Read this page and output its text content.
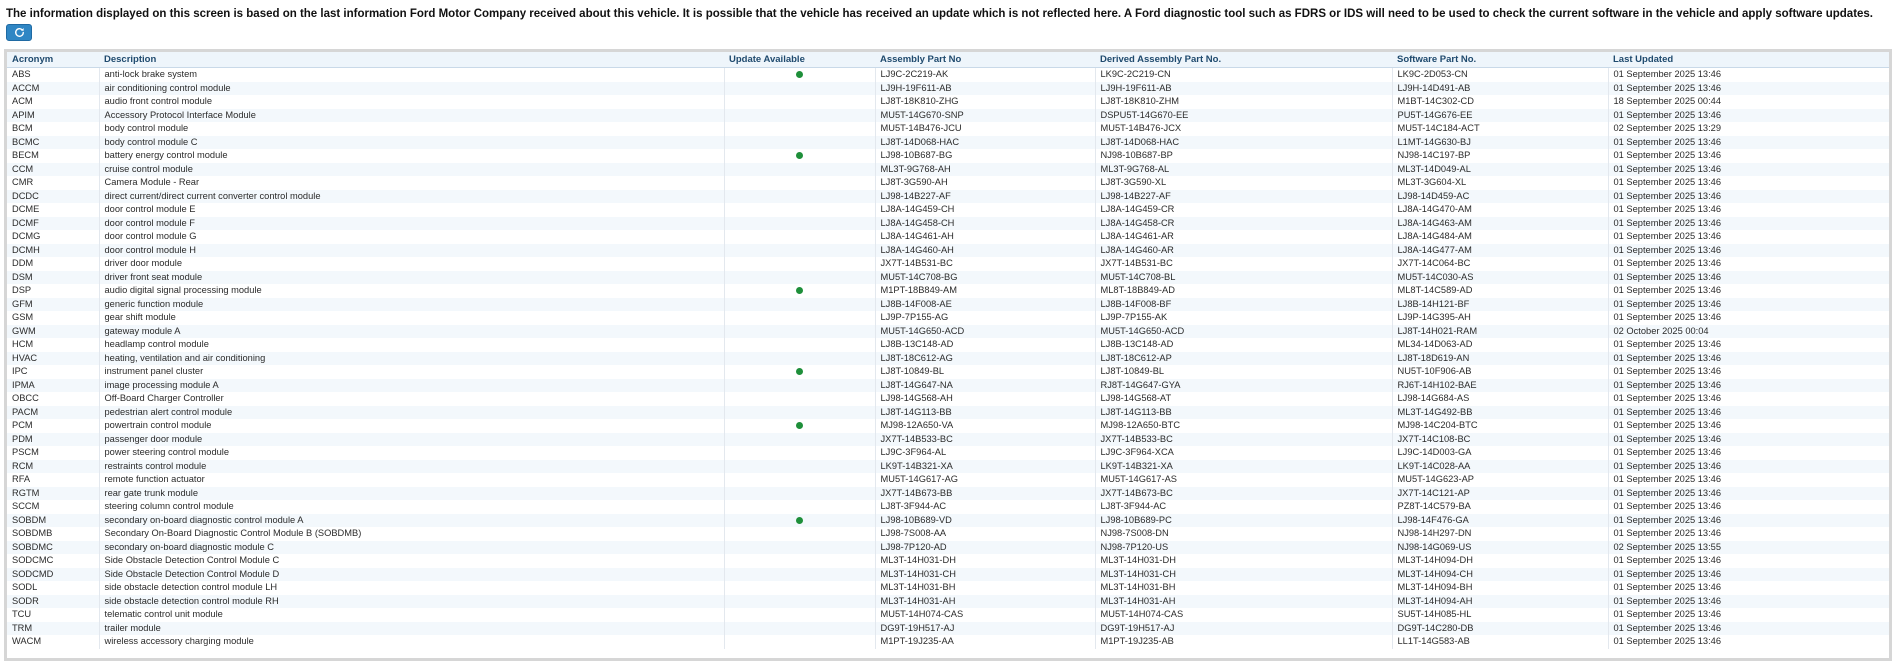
The information displayed on this screen is based on the last information Ford Motor Company received about this vehicle. It is possible that the vehicle has received an update which is not reflected here. A Ford diagnostic tool such as FDRS or IDS will need to be used to check the current software in the vehicle and apply software updates.
Acronym	Description	Update Available	Assembly Part No	Derived Assembly Part No.	Software Part No.	Last Updated
ABS	anti-lock brake system		LJ9C-2C219-AK	LK9C-2C219-CN	LK9C-2D053-CN	01 September 2025 13:46
ACCM	air conditioning control module		LJ9H-19F611-AB	LJ9H-19F611-AB	LJ9H-14D491-AB	01 September 2025 13:46
ACM	audio front control module		LJ8T-18K810-ZHG	LJ8T-18K810-ZHM	M1BT-14C302-CD	18 September 2025 00:44
APIM	Accessory Protocol Interface Module		MU5T-14G670-SNP	DSPU5T-14G670-EE	PU5T-14G676-EE	01 September 2025 13:46
BCM	body control module		MU5T-14B476-JCU	MU5T-14B476-JCX	MU5T-14C184-ACT	02 September 2025 13:29
BCMC	body control module C		LJ8T-14D068-HAC	LJ8T-14D068-HAC	L1MT-14G630-BJ	01 September 2025 13:46
BECM	battery energy control module		LJ98-10B687-BG	NJ98-10B687-BP	NJ98-14C197-BP	01 September 2025 13:46
CCM	cruise control module		ML3T-9G768-AH	ML3T-9G768-AL	ML3T-14D049-AL	01 September 2025 13:46
CMR	Camera Module - Rear		LJ8T-3G590-AH	LJ8T-3G590-XL	ML3T-3G604-XL	01 September 2025 13:46
DCDC	direct current/direct current converter control module		LJ98-14B227-AF	LJ98-14B227-AF	LJ98-14D459-AC	01 September 2025 13:46
DCME	door control module E		LJ8A-14G459-CH	LJ8A-14G459-CR	LJ8A-14G470-AM	01 September 2025 13:46
DCMF	door control module F		LJ8A-14G458-CH	LJ8A-14G458-CR	LJ8A-14G463-AM	01 September 2025 13:46
DCMG	door control module G		LJ8A-14G461-AH	LJ8A-14G461-AR	LJ8A-14G484-AM	01 September 2025 13:46
DCMH	door control module H		LJ8A-14G460-AH	LJ8A-14G460-AR	LJ8A-14G477-AM	01 September 2025 13:46
DDM	driver door module		JX7T-14B531-BC	JX7T-14B531-BC	JX7T-14C064-BC	01 September 2025 13:46
DSM	driver front seat module		MU5T-14C708-BG	MU5T-14C708-BL	MU5T-14C030-AS	01 September 2025 13:46
DSP	audio digital signal processing module		M1PT-18B849-AM	ML8T-18B849-AD	ML8T-14C589-AD	01 September 2025 13:46
GFM	generic function module		LJ8B-14F008-AE	LJ8B-14F008-BF	LJ8B-14H121-BF	01 September 2025 13:46
GSM	gear shift module		LJ9P-7P155-AG	LJ9P-7P155-AK	LJ9P-14G395-AH	01 September 2025 13:46
GWM	gateway module A		MU5T-14G650-ACD	MU5T-14G650-ACD	LJ8T-14H021-RAM	02 October 2025 00:04
HCM	headlamp control module		LJ8B-13C148-AD	LJ8B-13C148-AD	ML34-14D063-AD	01 September 2025 13:46
HVAC	heating, ventilation and air conditioning		LJ8T-18C612-AG	LJ8T-18C612-AP	LJ8T-18D619-AN	01 September 2025 13:46
IPC	instrument panel cluster		LJ8T-10849-BL	LJ8T-10849-BL	NU5T-10F906-AB	01 September 2025 13:46
IPMA	image processing module A		LJ8T-14G647-NA	RJ8T-14G647-GYA	RJ6T-14H102-BAE	01 September 2025 13:46
OBCC	Off-Board Charger Controller		LJ98-14G568-AH	LJ98-14G568-AT	LJ98-14G684-AS	01 September 2025 13:46
PACM	pedestrian alert control module		LJ8T-14G113-BB	LJ8T-14G113-BB	ML3T-14G492-BB	01 September 2025 13:46
PCM	powertrain control module		MJ98-12A650-VA	MJ98-12A650-BTC	MJ98-14C204-BTC	01 September 2025 13:46
PDM	passenger door module		JX7T-14B533-BC	JX7T-14B533-BC	JX7T-14C108-BC	01 September 2025 13:46
PSCM	power steering control module		LJ9C-3F964-AL	LJ9C-3F964-XCA	LJ9C-14D003-GA	01 September 2025 13:46
RCM	restraints control module		LK9T-14B321-XA	LK9T-14B321-XA	LK9T-14C028-AA	01 September 2025 13:46
RFA	remote function actuator		MU5T-14G617-AG	MU5T-14G617-AS	MU5T-14G623-AP	01 September 2025 13:46
RGTM	rear gate trunk module		JX7T-14B673-BB	JX7T-14B673-BC	JX7T-14C121-AP	01 September 2025 13:46
SCCM	steering column control module		LJ8T-3F944-AC	LJ8T-3F944-AC	PZ8T-14C579-BA	01 September 2025 13:46
SOBDM	secondary on-board diagnostic control module A		LJ98-10B689-VD	LJ98-10B689-PC	LJ98-14F476-GA	01 September 2025 13:46
SOBDMB	Secondary On-Board Diagnostic Control Module B (SOBDMB)		LJ98-7S008-AA	NJ98-7S008-DN	NJ98-14H297-DN	01 September 2025 13:46
SOBDMC	secondary on-board diagnostic module C		LJ98-7P120-AD	NJ98-7P120-US	NJ98-14G069-US	02 September 2025 13:55
SODCMC	Side Obstacle Detection Control Module C		ML3T-14H031-DH	ML3T-14H031-DH	ML3T-14H094-DH	01 September 2025 13:46
SODCMD	Side Obstacle Detection Control Module D		ML3T-14H031-CH	ML3T-14H031-CH	ML3T-14H094-CH	01 September 2025 13:46
SODL	side obstacle detection control module LH		ML3T-14H031-BH	ML3T-14H031-BH	ML3T-14H094-BH	01 September 2025 13:46
SODR	side obstacle detection control module RH		ML3T-14H031-AH	ML3T-14H031-AH	ML3T-14H094-AH	01 September 2025 13:46
TCU	telematic control unit module		MU5T-14H074-CAS	MU5T-14H074-CAS	SU5T-14H085-HL	01 September 2025 13:46
TRM	trailer module		DG9T-19H517-AJ	DG9T-19H517-AJ	DG9T-14C280-DB	01 September 2025 13:46
WACM	wireless accessory charging module		M1PT-19J235-AA	M1PT-19J235-AB	LL1T-14G583-AB	01 September 2025 13:46
